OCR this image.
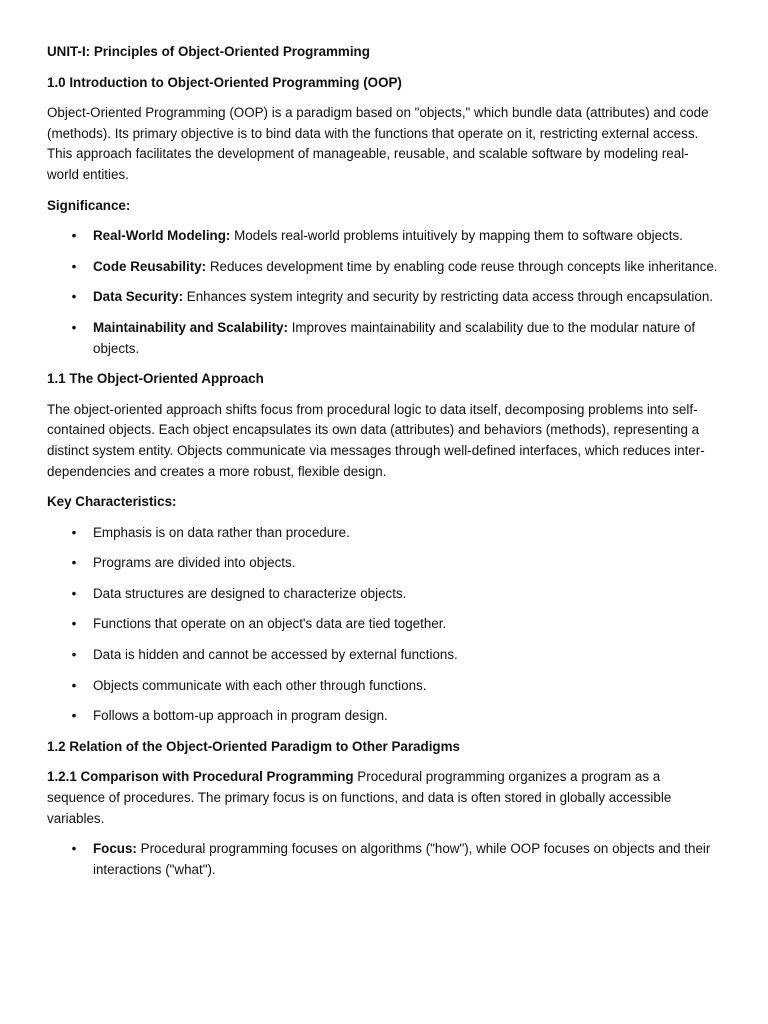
UNIT-I: Principles of Object-Oriented Programming

1.0 Introduction to Object-Oriented Programming (OOP)

Object-Oriented Programming (OOP) is a paradigm based on "objects," which bundle data (attributes) and code (methods). Its primary objective is to bind data with the functions that operate on it, restricting external access. This approach facilitates the development of manageable, reusable, and scalable software by modeling real-world entities.

Significance:

• Real-World Modeling: Models real-world problems intuitively by mapping them to software objects.
• Code Reusability: Reduces development time by enabling code reuse through concepts like inheritance.
• Data Security: Enhances system integrity and security by restricting data access through encapsulation.
• Maintainability and Scalability: Improves maintainability and scalability due to the modular nature of objects.

1.1 The Object-Oriented Approach

The object-oriented approach shifts focus from procedural logic to data itself, decomposing problems into self-contained objects. Each object encapsulates its own data (attributes) and behaviors (methods), representing a distinct system entity. Objects communicate via messages through well-defined interfaces, which reduces inter-dependencies and creates a more robust, flexible design.

Key Characteristics:

• Emphasis is on data rather than procedure.
• Programs are divided into objects.
• Data structures are designed to characterize objects.
• Functions that operate on an object's data are tied together.
• Data is hidden and cannot be accessed by external functions.
• Objects communicate with each other through functions.
• Follows a bottom-up approach in program design.

1.2 Relation of the Object-Oriented Paradigm to Other Paradigms

1.2.1 Comparison with Procedural Programming Procedural programming organizes a program as a sequence of procedures. The primary focus is on functions, and data is often stored in globally accessible variables.

• Focus: Procedural programming focuses on algorithms ("how"), while OOP focuses on objects and their interactions ("what").
